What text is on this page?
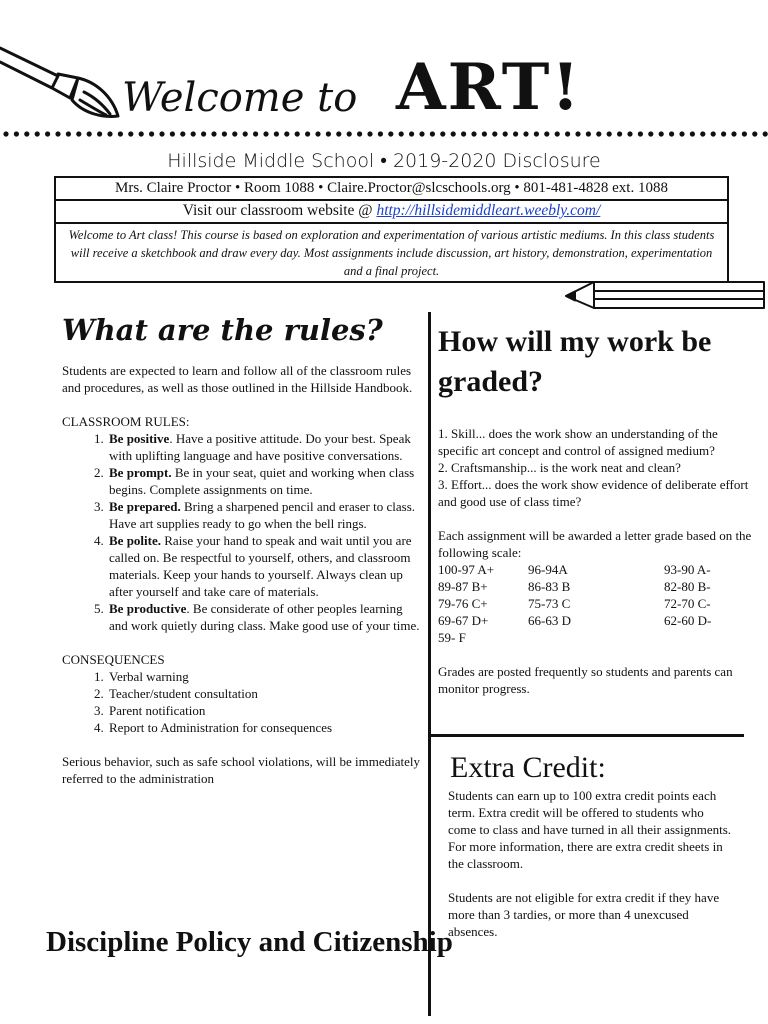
Welcome to ART!
Hillside Middle School • 2019-2020 Disclosure
Mrs. Claire Proctor • Room 1088 • Claire.Proctor@slcschools.org • 801-481-4828 ext. 1088
Visit our classroom website @ http://hillsidemiddleart.weebly.com/
Welcome to Art class! This course is based on exploration and experimentation of various artistic mediums. In this class students will receive a sketchbook and draw every day. Most assignments include discussion, art history, demonstration, experimentation and a final project.
What are the rules?

Students are expected to learn and follow all of the classroom rules and procedures, as well as those outlined in the Hillside Handbook.

CLASSROOM RULES:

1. Be positive. Have a positive attitude. Do your best. Speak with uplifting language and have positive conversations.
2. Be prompt. Be in your seat, quiet and working when class begins. Complete assignments on time.
3. Be prepared. Bring a sharpened pencil and eraser to class. Have art supplies ready to go when the bell rings.
4. Be polite. Raise your hand to speak and wait until you are called on. Be respectful to yourself, others, and classroom materials. Keep your hands to yourself. Always clean up after yourself and take care of materials.
5. Be productive. Be considerate of other peoples learning and work quietly during class. Make good use of your time.

CONSEQUENCES

1. Verbal warning
2. Teacher/student consultation
3. Parent notification
4. Report to Administration for consequences

Serious behavior, such as safe school violations, will be immediately referred to the administration

How will my work be graded?

1. Skill... does the work show an understanding of the specific art concept and control of assigned medium?

2. Craftsmanship... is the work neat and clean?

3. Effort... does the work show evidence of deliberate effort and good use of class time?

Each assignment will be awarded a letter grade based on the following scale:

100-97 A+	96-94A	93-90 A-
89-87 B+	86-83 B	82-80 B-
79-76 C+	75-73 C	72-70 C-
69-67 D+	66-63 D	62-60 D-
59- F		

Grades are posted frequently so students and parents can monitor progress.

Extra Credit:

Students can earn up to 100 extra credit points each term. Extra credit will be offered to students who come to class and have turned in all their assignments. For more information, there are extra credit sheets in the classroom.

Students are not eligible for extra credit if they have more than 3 tardies, or more than 4 unexcused absences.

Discipline Policy and Citizenship
